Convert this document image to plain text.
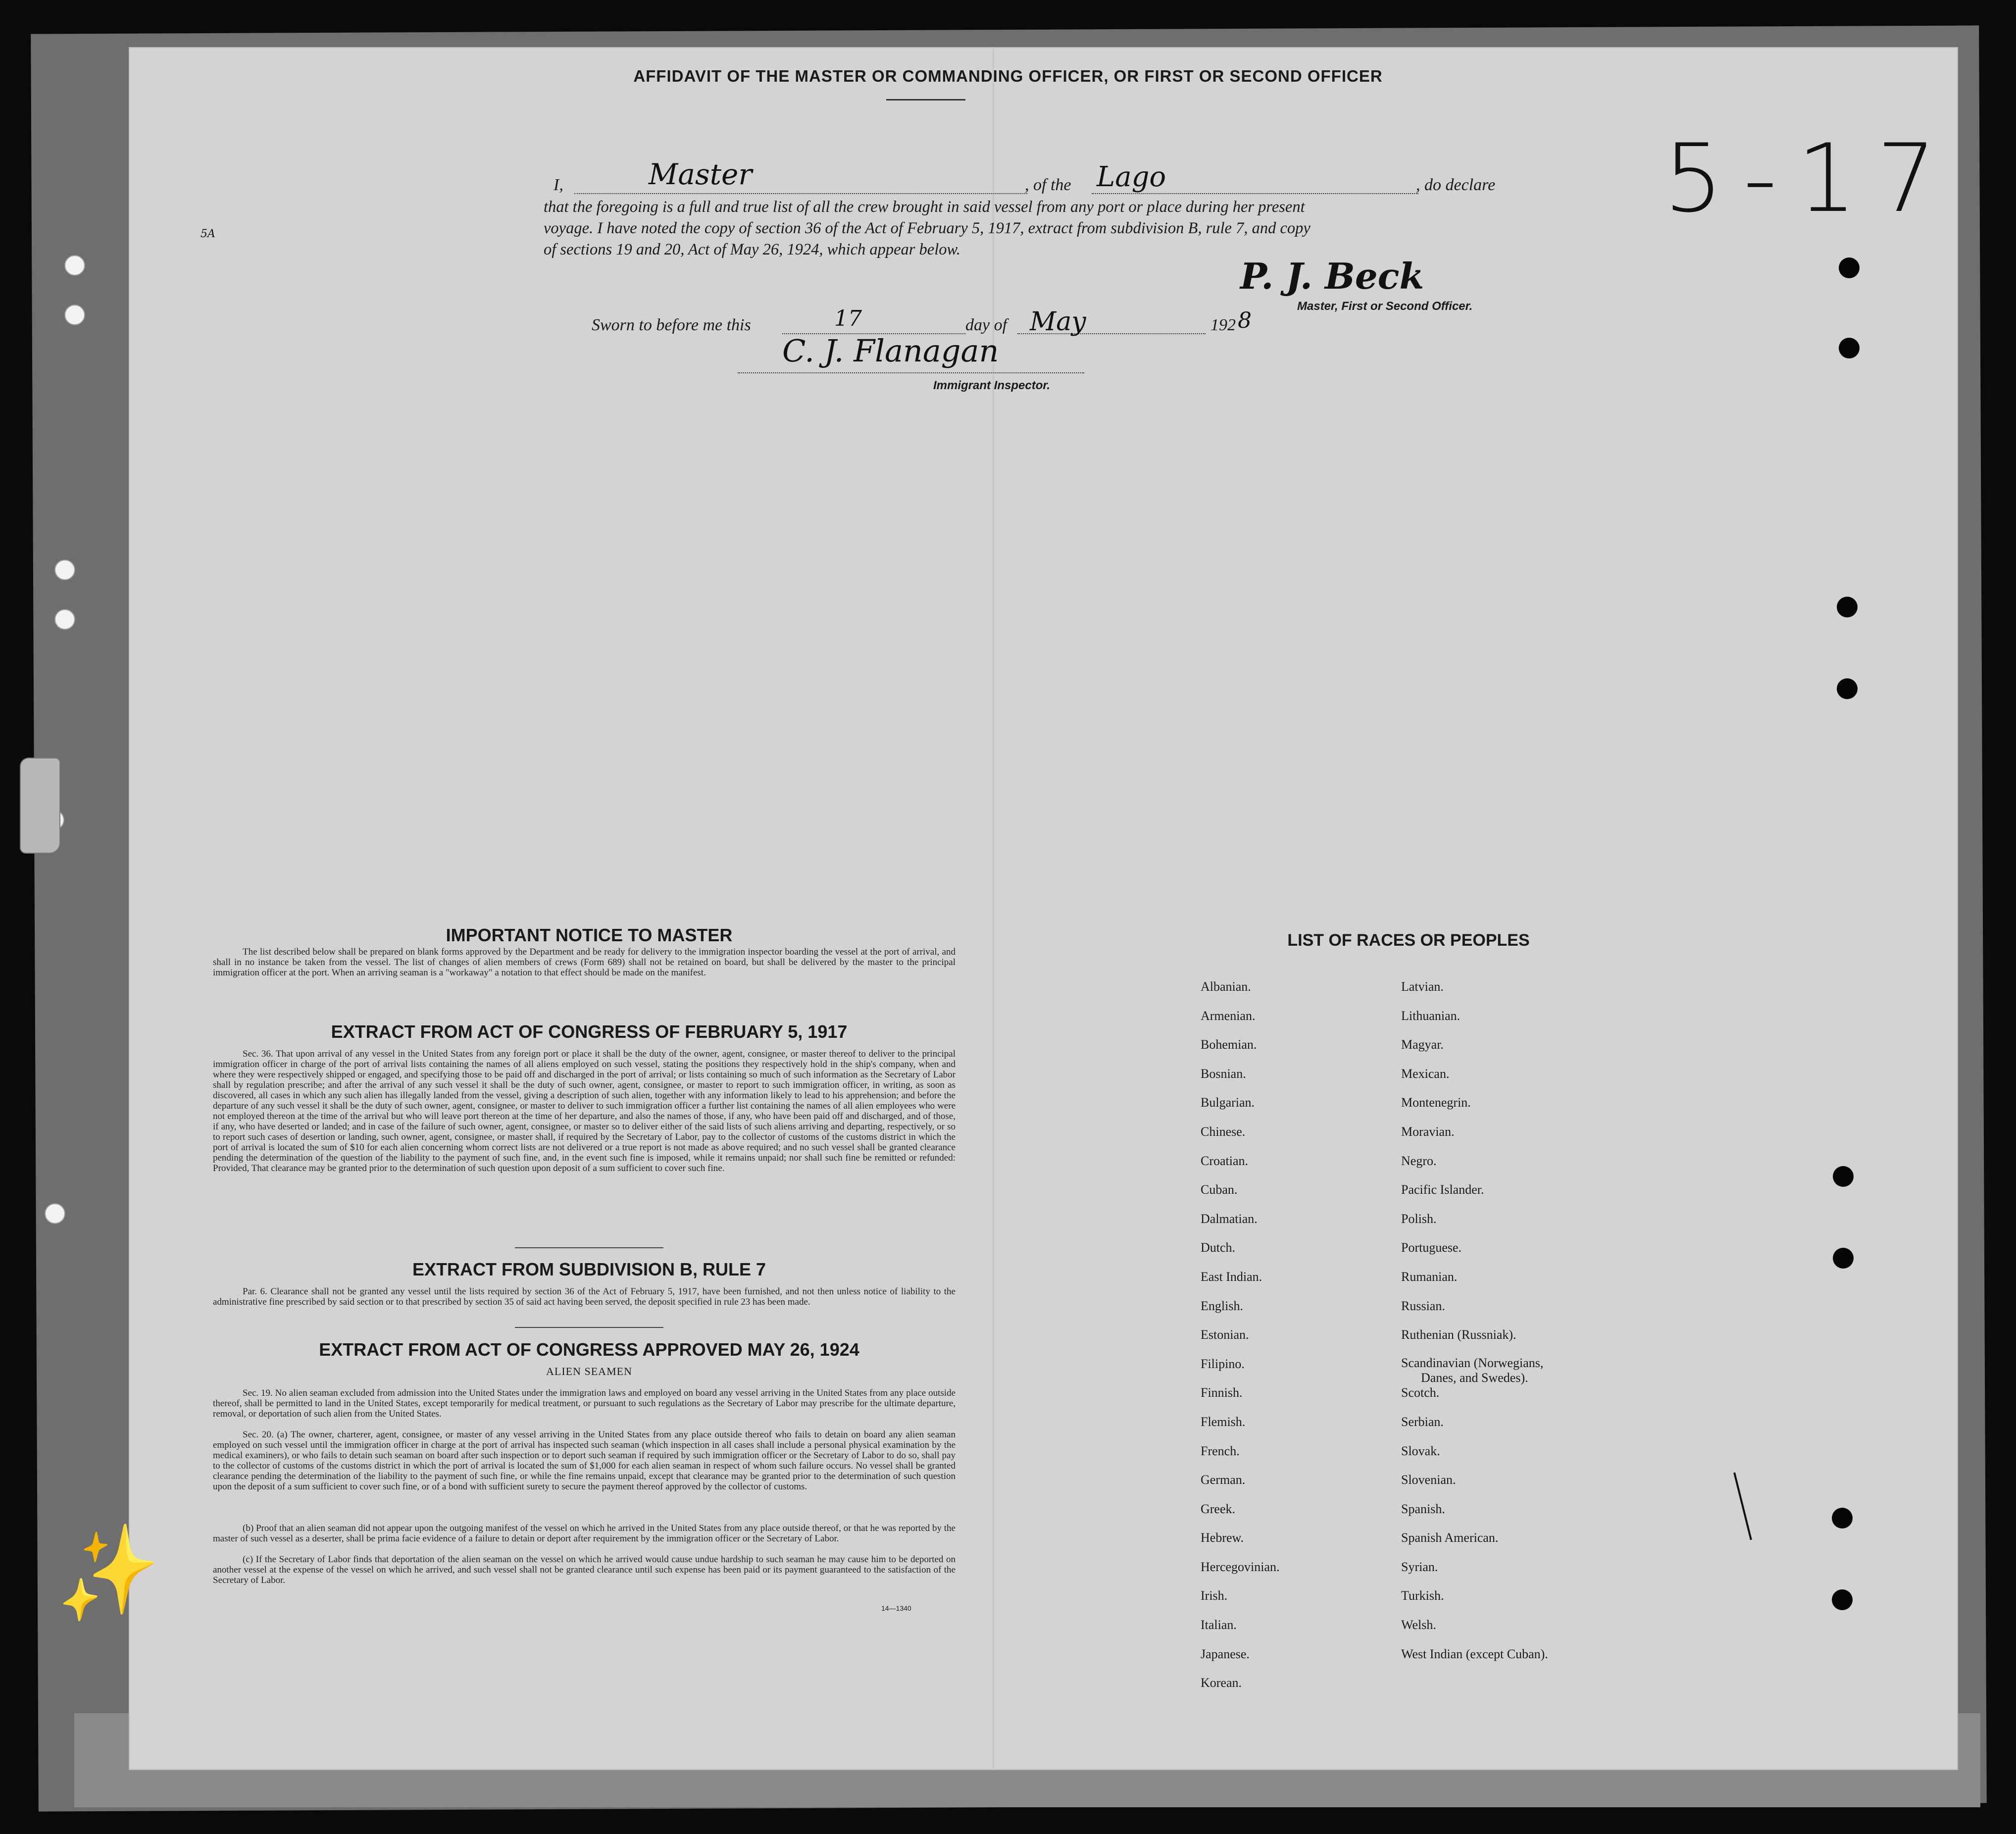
AFFIDAVIT OF THE MASTER OR COMMANDING OFFICER, OR FIRST OR SECOND OFFICER
I,	Master	, of the Lago	, do declare
that the foregoing is a full and true list of all the crew brought in said vessel from any port or place during her present
voyage. I have noted the copy of section 36 of the Act of February 5, 1917, extract from subdivision B, rule 7, and copy
of sections 19 and 20, Act of May 26, 1924, which appear below.
5-17
5A
P. J. Beck
Master, First or Second Officer.
Sworn to before me this	17	day of May	192 8
C. J. Flanagan
Immigrant Inspector.
IMPORTANT NOTICE TO MASTER
The list described below shall be prepared on blank forms approved by the Department and be ready for delivery to the immigration inspector boarding the vessel at the port of arrival, and shall in no instance be taken from the vessel. The list of changes of alien members of crews (Form 689) shall not be retained on board, but shall be delivered by the master to the principal immigration officer at the port. When an arriving seaman is a "workaway" a notation to that effect should be made on the manifest.
EXTRACT FROM ACT OF CONGRESS OF FEBRUARY 5, 1917
Sec. 36. That upon arrival of any vessel in the United States from any foreign port or place it shall be the duty of the owner, agent, consignee, or master thereof to deliver to the principal immigration officer in charge of the port of arrival lists containing the names of all aliens employed on such vessel, stating the positions they respectively hold in the ship's company, when and where they were respectively shipped or engaged, and specifying those to be paid off and discharged in the port of arrival; or lists containing so much of such information as the Secretary of Labor shall by regulation prescribe; and after the arrival of any such vessel it shall be the duty of such owner, agent, consignee, or master to report to such immigration officer, in writing, as soon as discovered, all cases in which any such alien has illegally landed from the vessel, giving a description of such alien, together with any information likely to lead to his apprehension; and before the departure of any such vessel it shall be the duty of such owner, agent, consignee, or master to deliver to such immigration officer a further list containing the names of all alien employees who were not employed thereon at the time of the arrival but who will leave port thereon at the time of her departure, and also the names of those, if any, who have been paid off and discharged, and of those, if any, who have deserted or landed; and in case of the failure of such owner, agent, consignee, or master so to deliver either of the said lists of such aliens arriving and departing, respectively, or so to report such cases of desertion or landing, such owner, agent, consignee, or master shall, if required by the Secretary of Labor, pay to the collector of customs of the customs district in which the port of arrival is located the sum of $10 for each alien concerning whom correct lists are not delivered or a true report is not made as above required; and no such vessel shall be granted clearance pending the determination of the question of the liability to the payment of such fine, and, in the event such fine is imposed, while it remains unpaid; nor shall such fine be remitted or refunded: Provided, That clearance may be granted prior to the determination of such question upon deposit of a sum sufficient to cover such fine.
EXTRACT FROM SUBDIVISION B, RULE 7
Par. 6. Clearance shall not be granted any vessel until the lists required by section 36 of the Act of February 5, 1917, have been furnished, and not then unless notice of liability to the administrative fine prescribed by said section or to that prescribed by section 35 of said act having been served, the deposit specified in rule 23 has been made.
EXTRACT FROM ACT OF CONGRESS APPROVED MAY 26, 1924
ALIEN SEAMEN
Sec. 19. No alien seaman excluded from admission into the United States under the immigration laws and employed on board any vessel arriving in the United States from any place outside thereof, shall be permitted to land in the United States, except temporarily for medical treatment, or pursuant to such regulations as the Secretary of Labor may prescribe for the ultimate departure, removal, or deportation of such alien from the United States.
Sec. 20. (a) The owner, charterer, agent, consignee, or master of any vessel arriving in the United States from any place outside thereof who fails to detain on board any alien seaman employed on such vessel until the immigration officer in charge at the port of arrival has inspected such seaman (which inspection in all cases shall include a personal physical examination by the medical examiners), or who fails to detain such seaman on board after such inspection or to deport such seaman if required by such immigration officer or the Secretary of Labor to do so, shall pay to the collector of customs of the customs district in which the port of arrival is located the sum of $1,000 for each alien seaman in respect of whom such failure occurs. No vessel shall be granted clearance pending the determination of the liability to the payment of such fine, or while the fine remains unpaid, except that clearance may be granted prior to the determination of such question upon the deposit of a sum sufficient to cover such fine, or of a bond with sufficient surety to secure the payment thereof approved by the collector of customs.
(b) Proof that an alien seaman did not appear upon the outgoing manifest of the vessel on which he arrived in the United States from any place outside thereof, or that he was reported by the master of such vessel as a deserter, shall be prima facie evidence of a failure to detain or deport after requirement by the immigration officer or the Secretary of Labor.
(c) If the Secretary of Labor finds that deportation of the alien seaman on the vessel on which he arrived would cause undue hardship to such seaman he may cause him to be deported on another vessel at the expense of the vessel on which he arrived, and such vessel shall not be granted clearance until such expense has been paid or its payment guaranteed to the satisfaction of the Secretary of Labor.
14—1340
LIST OF RACES OR PEOPLES
Albanian.
Armenian.
Bohemian.
Bosnian.
Bulgarian.
Chinese.
Croatian.
Cuban.
Dalmatian.
Dutch.
East Indian.
English.
Estonian.
Filipino.
Finnish.
Flemish.
French.
German.
Greek.
Hebrew.
Hercegovinian.
Irish.
Italian.
Japanese.
Korean.
Latvian.
Lithuanian.
Magyar.
Mexican.
Montenegrin.
Moravian.
Negro.
Pacific Islander.
Polish.
Portuguese.
Rumanian.
Russian.
Ruthenian (Russniak).
Scandinavian (Norwegians,
Danes, and Swedes).
Scotch.
Serbian.
Slovak.
Slovenian.
Spanish.
Spanish American.
Syrian.
Turkish.
Welsh.
West Indian (except Cuban).
✨
